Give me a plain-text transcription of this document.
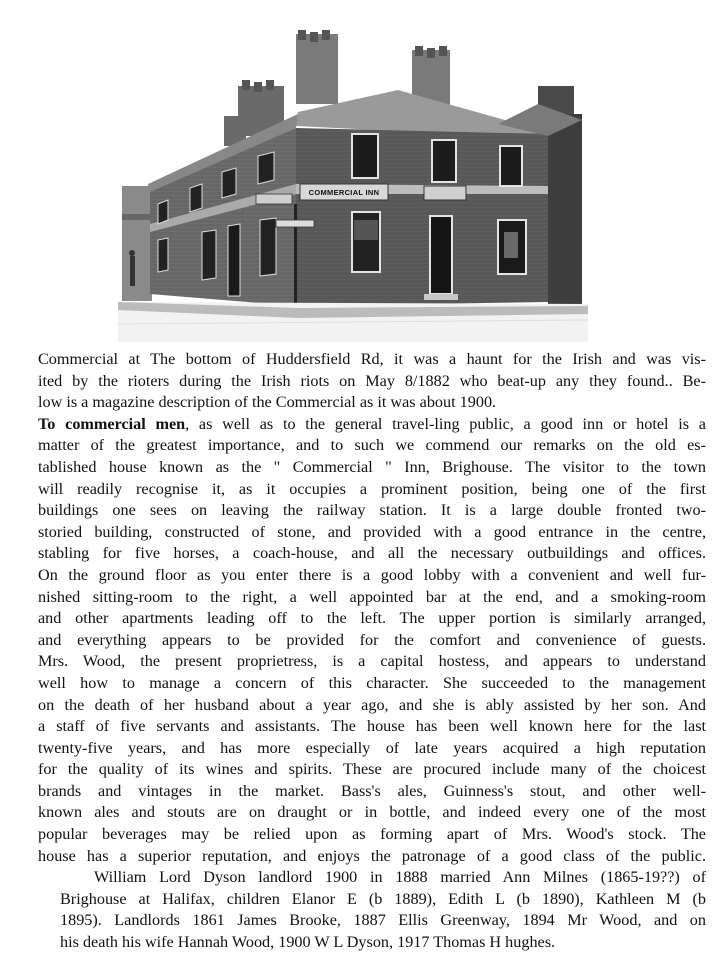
COMMERCIAL INN
Commercial at The bottom of Huddersfield Rd, it was a haunt for the Irish and was vis-
ited by the rioters during the Irish riots on May 8/1882 who beat-up any they found.. Be-
low is a magazine description of the Commercial as it was about 1900.
To commercial men, as well as to the general travel-ling public, a good inn or hotel is a
matter of the greatest importance, and to such we commend our remarks on the old es-
tablished house known as the " Commercial " Inn, Brighouse. The visitor to the town
will readily recognise it, as it occupies a prominent position, being one of the first
buildings one sees on leaving the railway station. It is a large double fronted two-
storied building, constructed of stone, and provided with a good entrance in the centre,
stabling for five horses, a coach-house, and all the necessary outbuildings and offices.
On the ground floor as you enter there is a good lobby with a convenient and well fur-
nished sitting-room to the right, a well appointed bar at the end, and a smoking-room
and other apartments leading off to the left. The upper portion is similarly arranged,
and everything appears to be provided for the comfort and convenience of guests.
Mrs. Wood, the present proprietress, is a capital hostess, and appears to understand
well how to manage a concern of this character. She succeeded to the management
on the death of her husband about a year ago, and she is ably assisted by her son. And
a staff of five servants and assistants. The house has been well known here for the last
twenty-five years, and has more especially of late years acquired a high reputation
for the quality of its wines and spirits. These are procured include many of the choicest
brands and vintages in the market. Bass's ales, Guinness's stout, and other well-
known ales and stouts are on draught or in bottle, and indeed every one of the most
popular beverages may be relied upon as forming apart of Mrs. Wood's stock. The
house has a superior reputation, and enjoys the patronage of a good class of the public.
William Lord Dyson landlord 1900 in 1888 married Ann Milnes (1865-19??) of
Brighouse at Halifax, children Elanor E (b 1889), Edith L (b 1890), Kathleen M (b
1895). Landlords 1861 James Brooke, 1887 Ellis Greenway, 1894 Mr Wood, and on
his death his wife Hannah Wood, 1900 W L Dyson, 1917 Thomas H hughes.
